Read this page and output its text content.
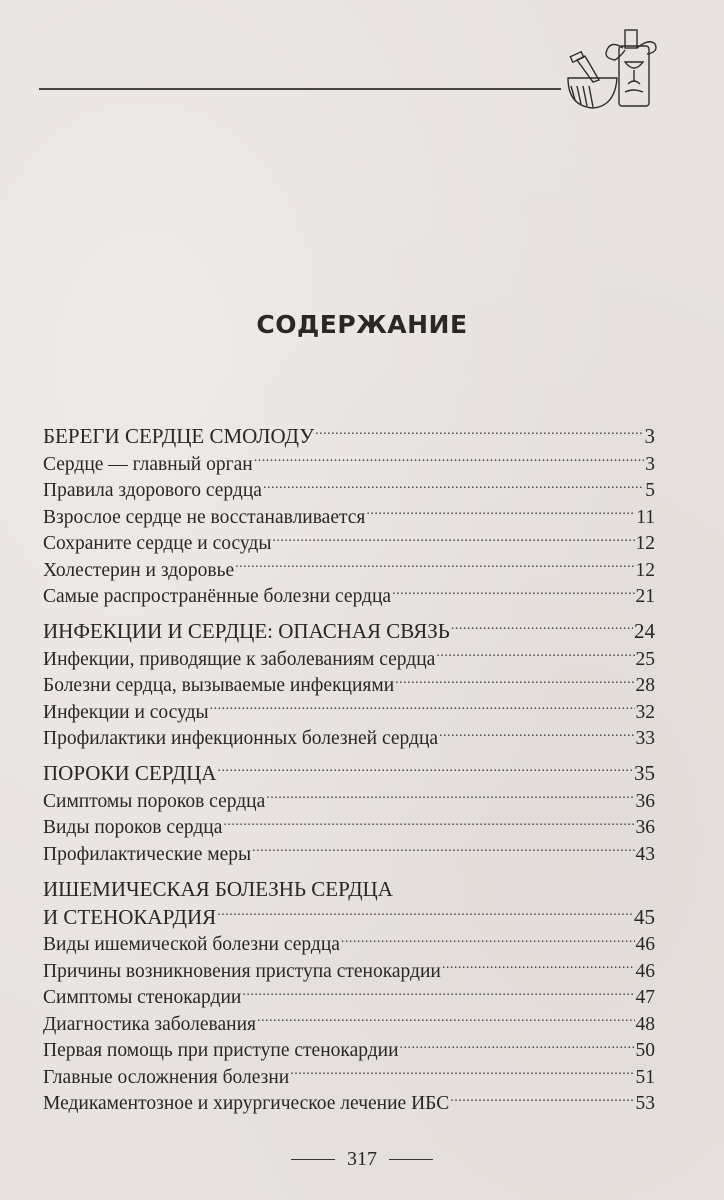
СОДЕРЖАНИЕ
БЕРЕГИ СЕРДЦЕ СМОЛОДУ .....	3
Сердце — главный орган .....	3
Правила здорового сердца .....	5
Взрослое сердце не восстанавливается .....	11
Сохраните сердце и сосуды .....	12
Холестерин и здоровье .....	12
Самые распространённые болезни сердца .....	21
ИНФЕКЦИИ И СЕРДЦЕ: ОПАСНАЯ СВЯЗЬ .....	24
Инфекции, приводящие к заболеваниям сердца .....	25
Болезни сердца, вызываемые инфекциями .....	28
Инфекции и сосуды .....	32
Профилактики инфекционных болезней сердца .....	33
ПОРОКИ СЕРДЦА .....	35
Симптомы пороков сердца .....	36
Виды пороков сердца .....	36
Профилактические меры .....	43
ИШЕМИЧЕСКАЯ БОЛЕЗНЬ СЕРДЦА
И СТЕНОКАРДИЯ .....	45
Виды ишемической болезни сердца .....	46
Причины возникновения приступа стенокардии .....	46
Симптомы стенокардии .....	47
Диагностика заболевания .....	48
Первая помощь при приступе стенокардии .....	50
Главные осложнения болезни .....	51
Медикаментозное и хирургическое лечение ИБС .....	53
317
